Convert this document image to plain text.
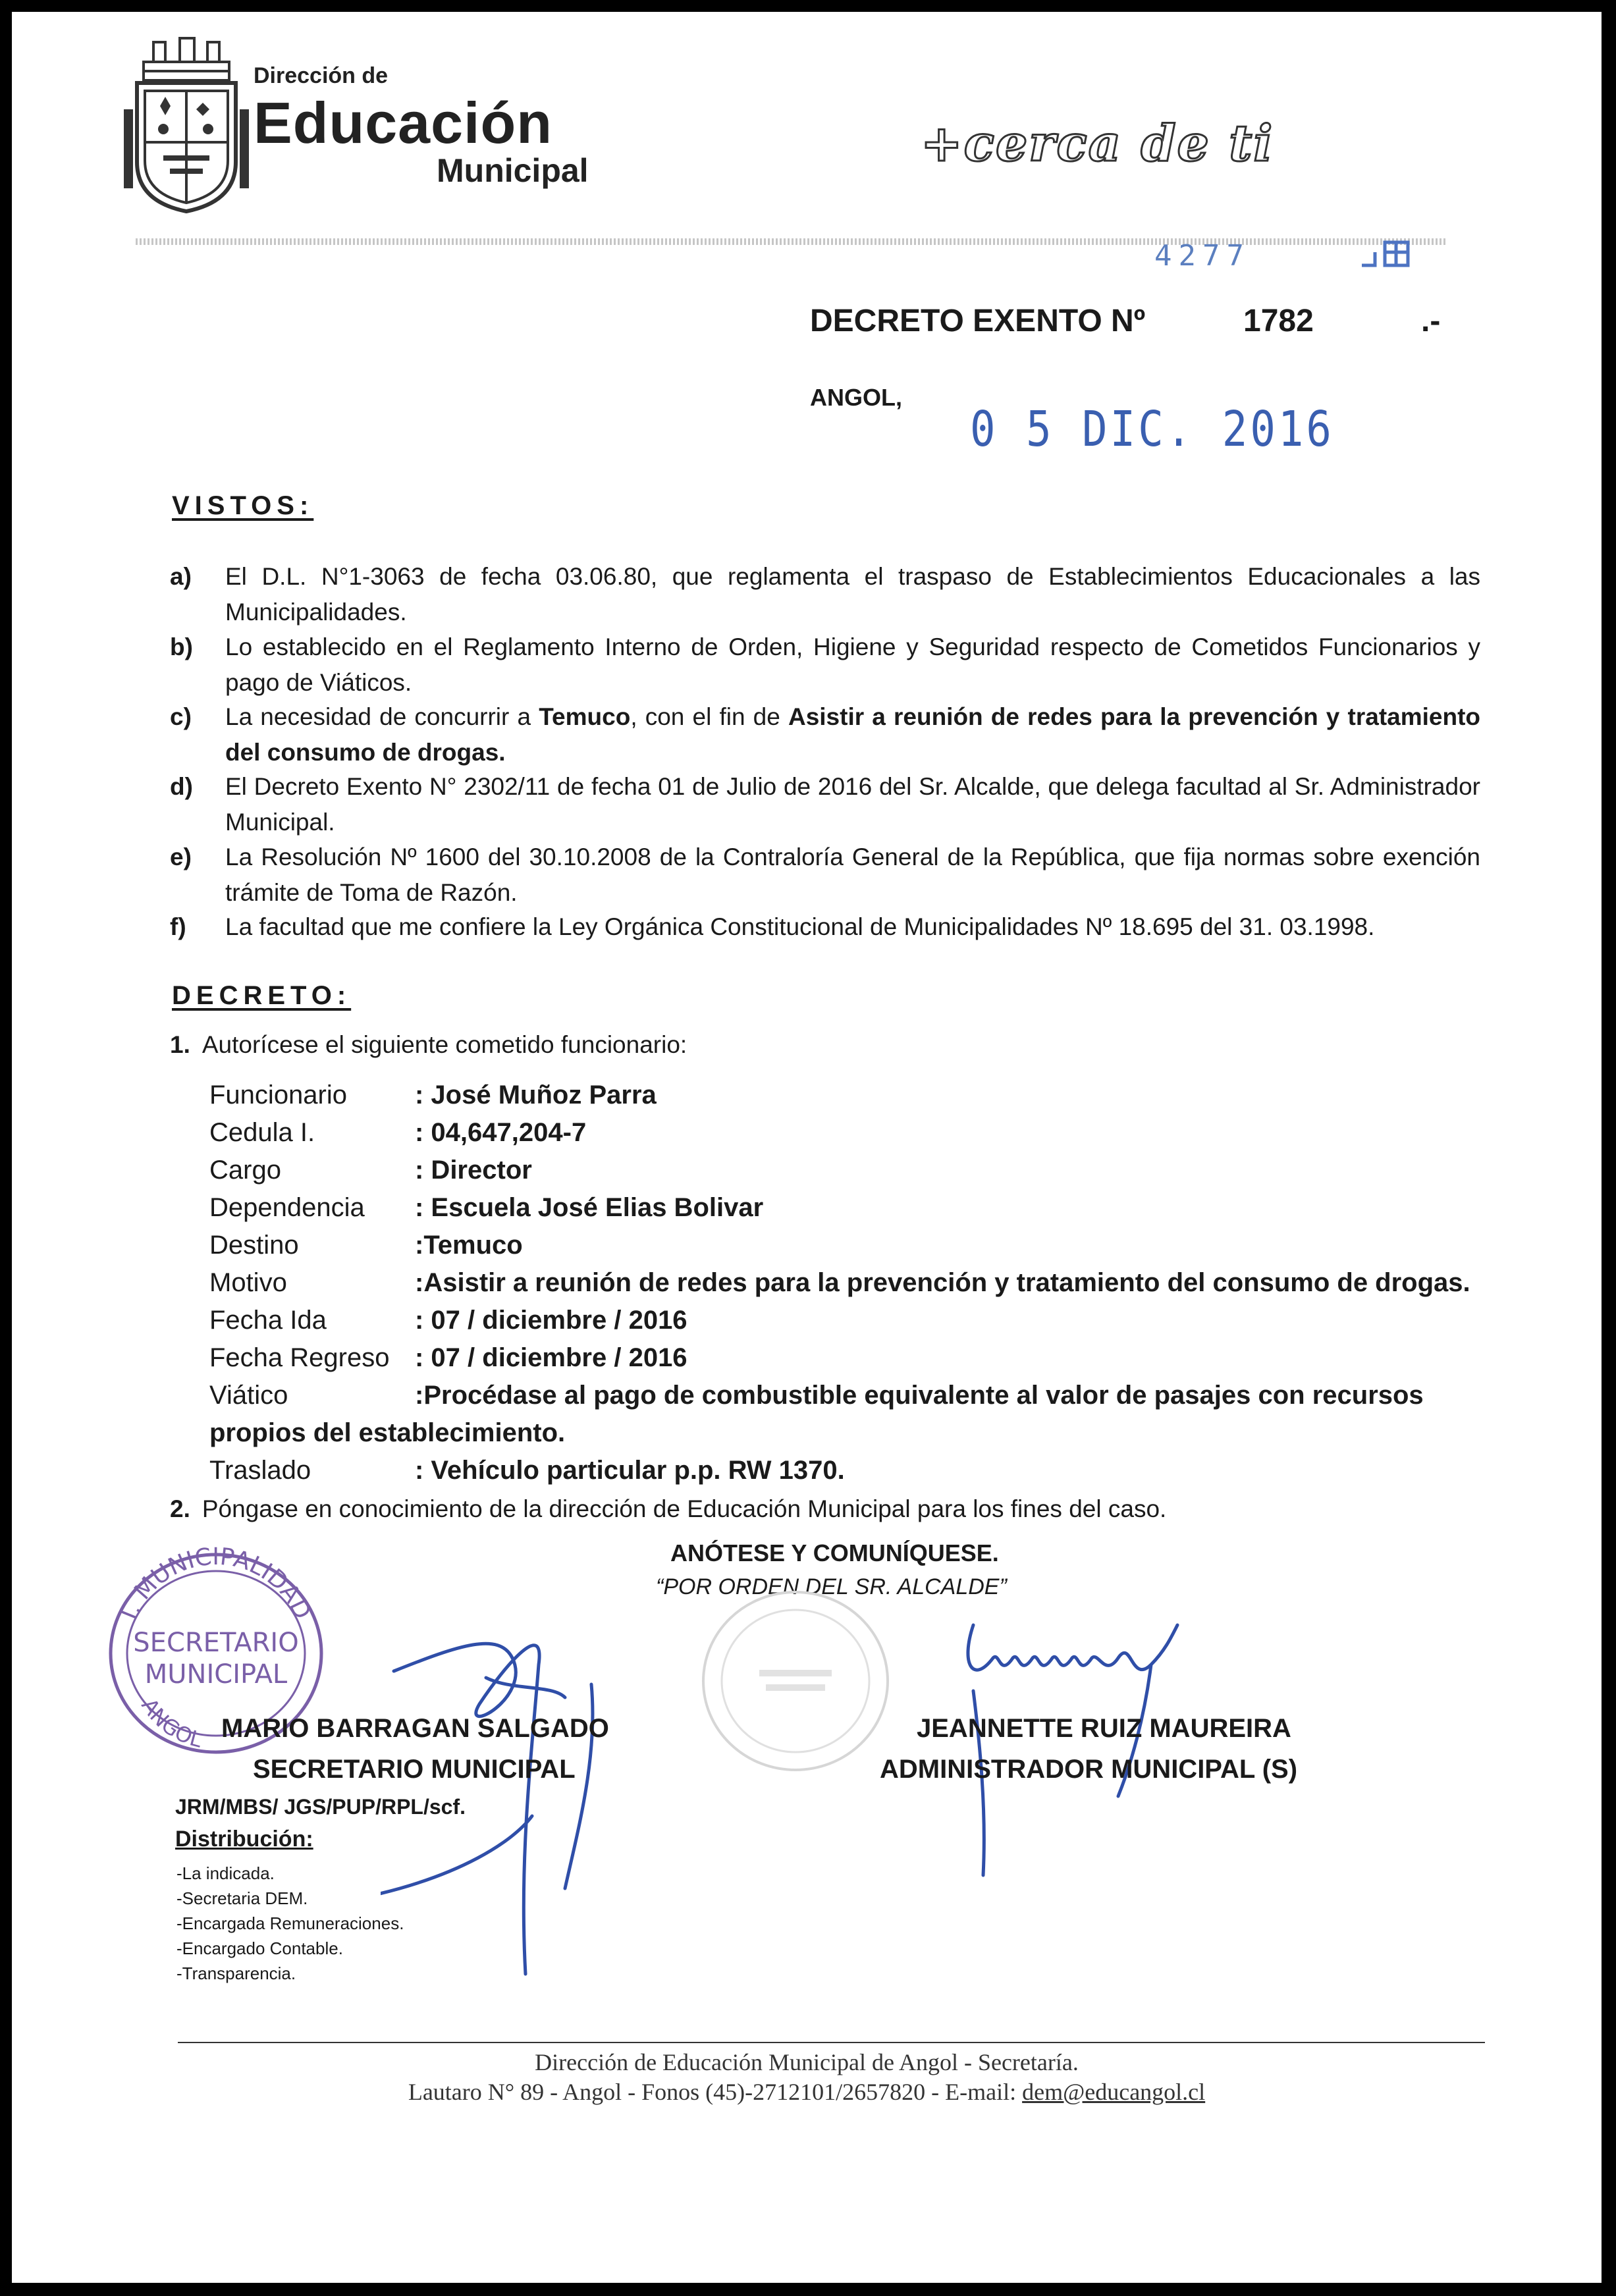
Dirección de
Educación
Municipal	+cerca de ti
4277
DECRETO EXENTO Nº	1782	.-
ANGOL,
0 5 DIC. 2016
VISTOS:
a) El D.L. N°1-3063 de fecha 03.06.80, que reglamenta el traspaso de Establecimientos Educacionales a las Municipalidades.
b) Lo establecido en el Reglamento Interno de Orden, Higiene y Seguridad respecto de Cometidos Funcionarios y pago de Viáticos.
c) La necesidad de concurrir a Temuco, con el fin de Asistir a reunión de redes para la prevención y tratamiento del consumo de drogas.
d) El Decreto Exento N° 2302/11 de fecha 01 de Julio de 2016 del Sr. Alcalde, que delega facultad al Sr. Administrador Municipal.
e) La Resolución Nº 1600 del 30.10.2008 de la Contraloría General de la República, que fija normas sobre exención trámite de Toma de Razón.
f) La facultad que me confiere la Ley Orgánica Constitucional de Municipalidades Nº 18.695 del 31. 03.1998.
DECRETO:
1. Autorícese el siguiente cometido funcionario:
Funcionario	: José Muñoz Parra
Cedula I.	: 04,647,204-7
Cargo	: Director
Dependencia : Escuela José Elias Bolivar
Destino	:Temuco
Motivo	:Asistir a reunión de redes para la prevención y tratamiento del consumo de drogas.
Fecha Ida	: 07 / diciembre / 2016
Fecha Regreso : 07 / diciembre / 2016
Viático	:Procédase al pago de combustible equivalente al valor de pasajes con recursos
propios del establecimiento.
Traslado	: Vehículo particular p.p. RW 1370.
2. Póngase en conocimiento de la dirección de Educación Municipal para los fines del caso.
ANÓTESE Y COMUNÍQUESE.
“POR ORDEN DEL SR. ALCALDE”
I. MUNICIPALIDAD
SECRETARIO
MUNICIPAL
ANGOL MARIO BARRAGAN SALGADO
SECRETARIO MUNICIPAL
JEANNETTE RUIZ MAUREIRA
ADMINISTRADOR MUNICIPAL (S)
JRM/MBS/ JGS/PUP/RPL/scf.
Distribución:
-La indicada.
-Secretaria DEM.
-Encargada Remuneraciones.
-Encargado Contable.
-Transparencia.
Dirección de Educación Municipal de Angol - Secretaría.
Lautaro N° 89 - Angol - Fonos (45)-2712101/2657820 - E-mail: dem@educangol.cl
